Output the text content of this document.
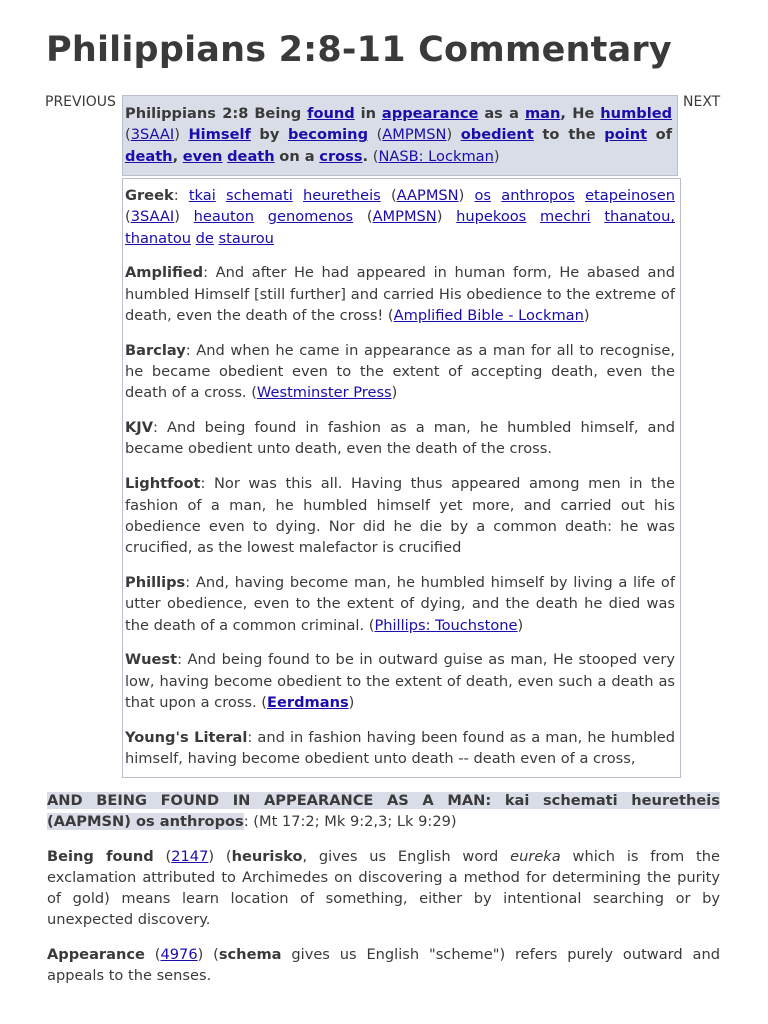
Philippians 2:8-11 Commentary
PREVIOUS	NEXT
Philippians 2:8 Being found in appearance as a man, He humbled (3SAAI) Himself by becoming (AMPMSN) obedient to the point of death, even death on a cross. (NASB: Lockman)

Greek: tkai schemati heuretheis (AAPMSN) os anthropos etapeinosen (3SAAI) heauton genomenos (AMPMSN) hupekoos mechri thanatou, thanatou de staurou

Amplified: And after He had appeared in human form, He abased and humbled Himself [still further] and carried His obedience to the extreme of death, even the death of the cross! (Amplified Bible - Lockman)

Barclay: And when he came in appearance as a man for all to recognise, he became obedient even to the extent of accepting death, even the death of a cross. (Westminster Press)

KJV: And being found in fashion as a man, he humbled himself, and became obedient unto death, even the death of the cross.

Lightfoot: Nor was this all. Having thus appeared among men in the fashion of a man, he humbled himself yet more, and carried out his obedience even to dying. Nor did he die by a common death: he was crucified, as the lowest malefactor is crucified

Phillips: And, having become man, he humbled himself by living a life of utter obedience, even to the extent of dying, and the death he died was the death of a common criminal. (Phillips: Touchstone)

Wuest: And being found to be in outward guise as man, He stooped very low, having become obedient to the extent of death, even such a death as that upon a cross. (Eerdmans)

Young's Literal: and in fashion having been found as a man, he humbled himself, having become obedient unto death -- death even of a cross,

AND BEING FOUND IN APPEARANCE AS A MAN: kai schemati heuretheis (AAPMSN) os anthropos: (Mt 17:2; Mk 9:2,3; Lk 9:29)

Being found (2147) (heurisko, gives us English word eureka which is from the exclamation attributed to Archimedes on discovering a method for determining the purity of gold) means learn location of something, either by intentional searching or by unexpected discovery.

Appearance (4976) (schema gives us English "scheme") refers purely outward and appeals to the senses.
